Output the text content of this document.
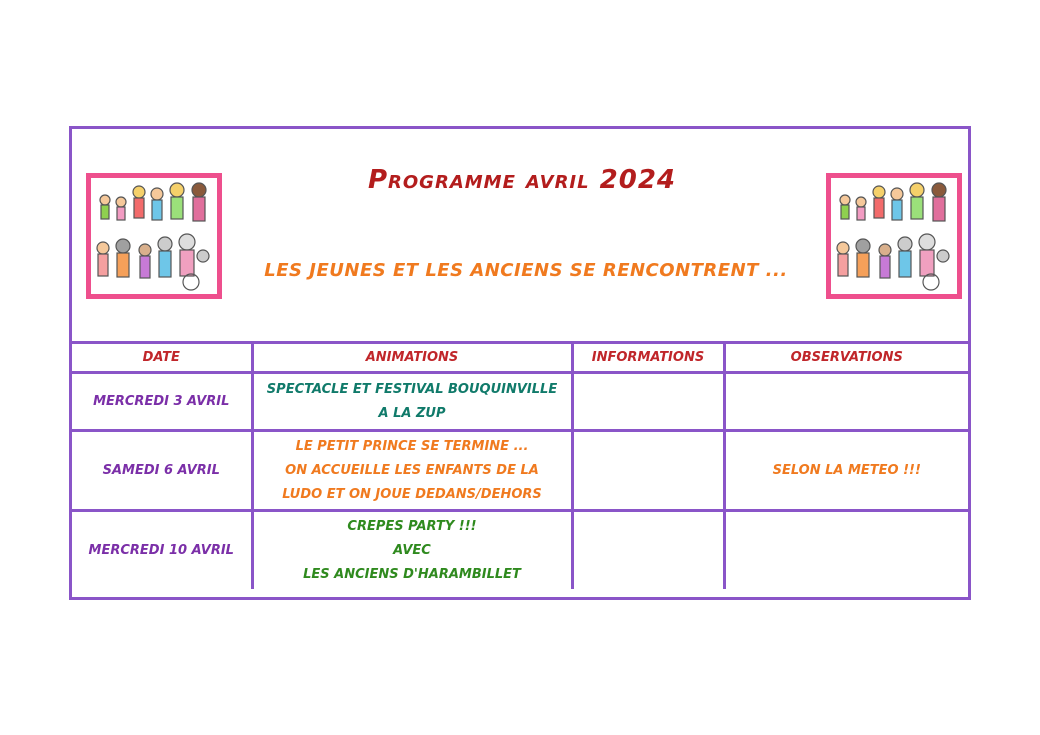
Programme avril 2024
LES JEUNES ET LES ANCIENS SE RENCONTRENT ...
DATE	ANIMATIONS	INFORMATIONS	OBSERVATIONS
MERCREDI 3 AVRIL	SPECTACLE ET FESTIVAL BOUQUINVILLE
A LA ZUP		

SAMEDI 6 AVRIL	LE PETIT PRINCE SE TERMINE ...
ON ACCUEILLE LES ENFANTS DE LA
LUDO ET ON JOUE DEDANS/DEHORS		SELON LA METEO !!!
MERCREDI 10 AVRIL	CREPES PARTY !!!
AVEC
LES ANCIENS D'HARAMBILLET		
